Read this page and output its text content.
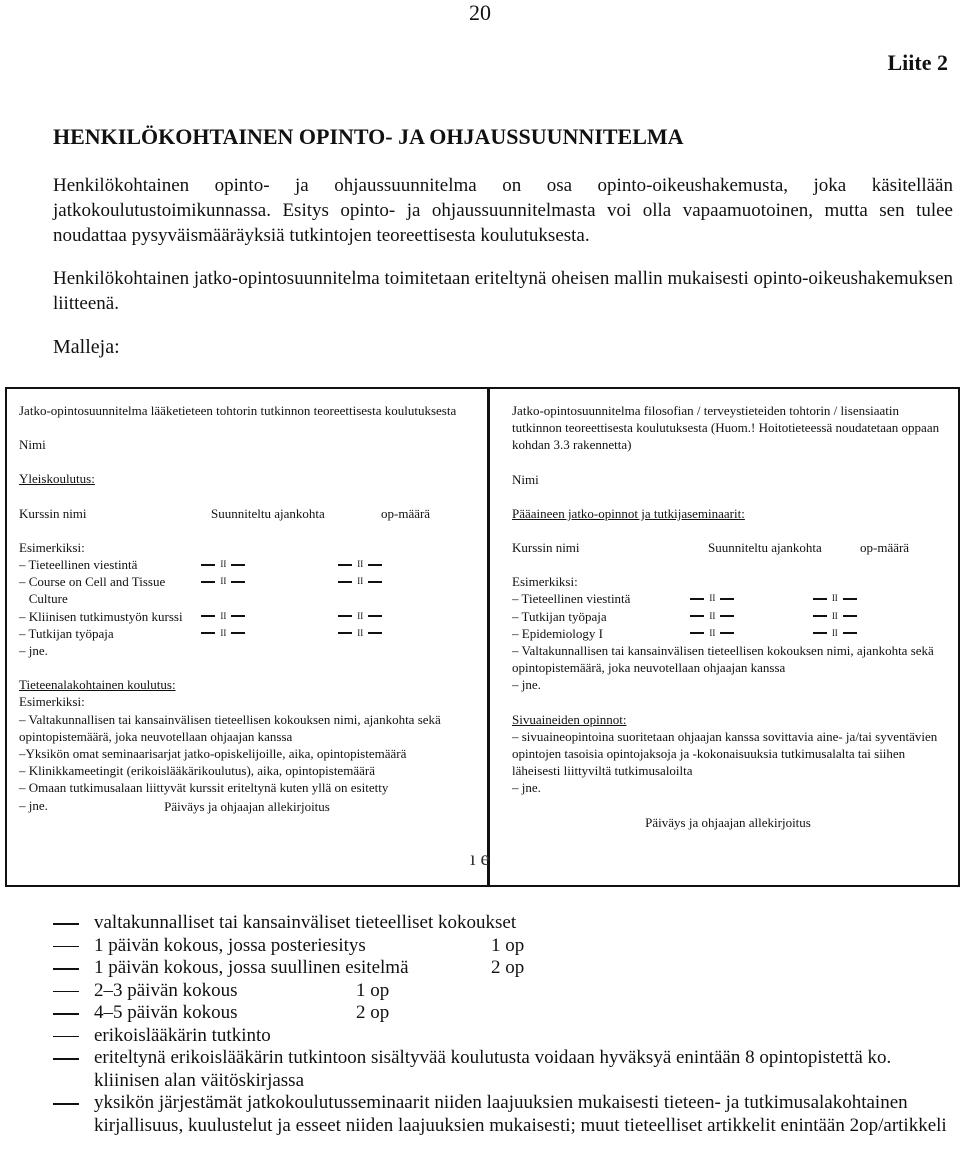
20
Liite 2
HENKILÖKOHTAINEN OPINTO- JA OHJAUSSUUNNITELMA
Henkilökohtainen opinto- ja ohjaussuunnitelma on osa opinto-oikeushakemusta, joka käsitellään jatkokoulutustoimikunnassa. Esitys opinto- ja ohjaussuunnitelmasta voi olla vapaamuotoinen, mutta sen tulee noudattaa pysyväismääräyksiä tutkintojen teoreettisesta koulutuksesta.
Henkilökohtainen jatko-opintosuunnitelma toimitetaan eriteltynä oheisen mallin mukaisesti opinto-oikeushakemuksen liitteenä.
Malleja:

Jatko-opintosuunnitelma lääketieteen tohtorin tutkinnon teoreettisesta koulutuksesta

Nimi

Yleiskoulutus:

Kurssin nimi	Suunniteltu ajankohta	op-määrä

Esimerkiksi:

– Tieteellinen viestintä	II	II
– Course on Cell and Tissue	II	II
Culture
– Kliinisen tutkimustyön kurssi	II	II
– Tutkijan työpaja	II	II

– jne.

Tieteenalakohtainen koulutus:

Esimerkiksi:

– Valtakunnallisen tai kansainvälisen tieteellisen kokouksen nimi, ajankohta sekä opintopistemäärä, joka neuvotellaan ohjaajan kanssa

–Yksikön omat seminaarisarjat jatko-opiskelijoille, aika, opintopistemäärä

– Klinikkameetingit (erikoislääkärikoulutus), aika, opintopistemäärä

– Omaan tutkimusalaan liittyvät kurssit eriteltynä kuten yllä on esitetty

– jne.	Päiväys ja ohjaajan allekirjoitus

Jatko-opintosuunnitelma filosofian / terveystieteiden tohtorin / lisensiaatin tutkinnon teoreettisesta koulutuksesta (Huom.! Hoitotieteessä noudatetaan oppaan kohdan 3.3 rakennetta)

Nimi

Pääaineen jatko-opinnot ja tutkijaseminaarit:

Kurssin nimi	Suunniteltu ajankohta	op-määrä

Esimerkiksi:

– Tieteellinen viestintä	II	II
– Tutkijan työpaja	II	II
– Epidemiology I	II	II

– Valtakunnallisen tai kansainvälisen tieteellisen kokouksen nimi, ajankohta sekä opintopistemäärä, joka neuvotellaan ohjaajan kanssa

– jne.

Sivuaineiden opinnot:

– sivuaineopintoina suoritetaan ohjaajan kanssa sovittavia aine- ja/tai syventävien opintojen tasoisia opintojaksoja ja -kokonaisuuksia tutkimusalalta tai siihen läheisesti liittyviltä tutkimusaloilta

– jne.

Päiväys ja ohjaajan allekirjoitus

ı e
valtakunnalliset tai kansainväliset tieteelliset kokoukset
1 päivän kokous, jossa posteriesitys	1 op
1 päivän kokous, jossa suullinen esitelmä	2 op
2–3 päivän kokous	1 op
4–5 päivän kokous	2 op
erikoislääkärin tutkinto
eriteltynä erikoislääkärin tutkintoon sisältyvää koulutusta voidaan hyväksyä enintään 8 opintopistettä ko. kliinisen alan väitöskirjassa
yksikön järjestämät jatkokoulutusseminaarit niiden laajuuksien mukaisesti tieteen- ja tutkimusalakohtainen kirjallisuus, kuulustelut ja esseet niiden laajuuksien mukaisesti; muut tieteelliset artikkelit enintään 2op/artikkeli
